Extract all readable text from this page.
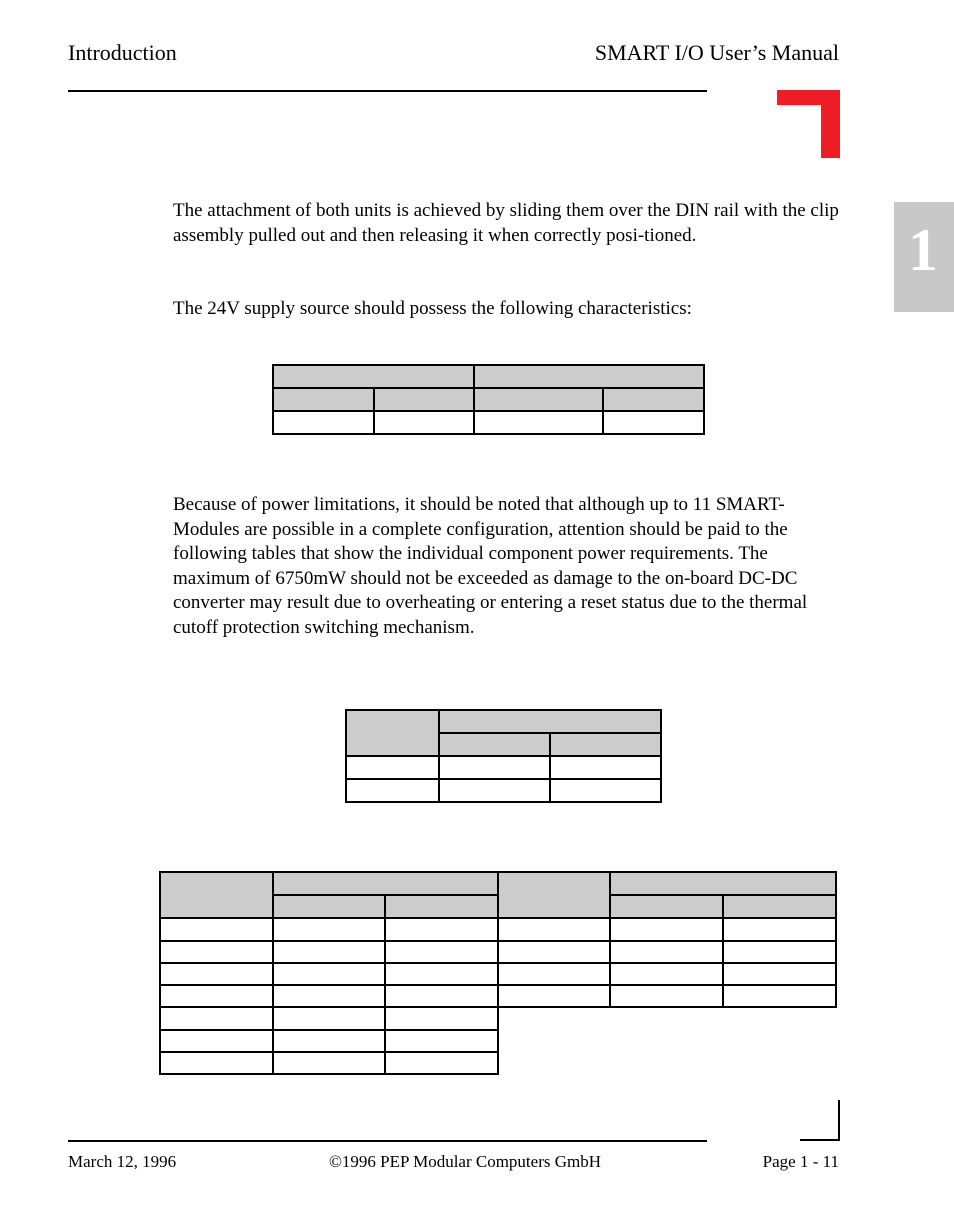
Introduction	SMART I/O User’s Manual
1
The attachment of both units is achieved by sliding them over the DIN rail with the clip assembly pulled out and then releasing it when correctly posi-tioned.
The 24V supply source should possess the following characteristics:

Because of power limitations, it should be noted that although up to 11 SMART-Modules are possible in a complete configuration, attention should be paid to the following tables that show the individual component power requirements. The maximum of 6750mW should not be exceeded as damage to the on-board DC-DC converter may result due to overheating or entering a reset status due to the thermal cutoff protection switching mechanism.

March 12, 1996	©1996 PEP Modular Computers GmbH	Page 1 - 11
